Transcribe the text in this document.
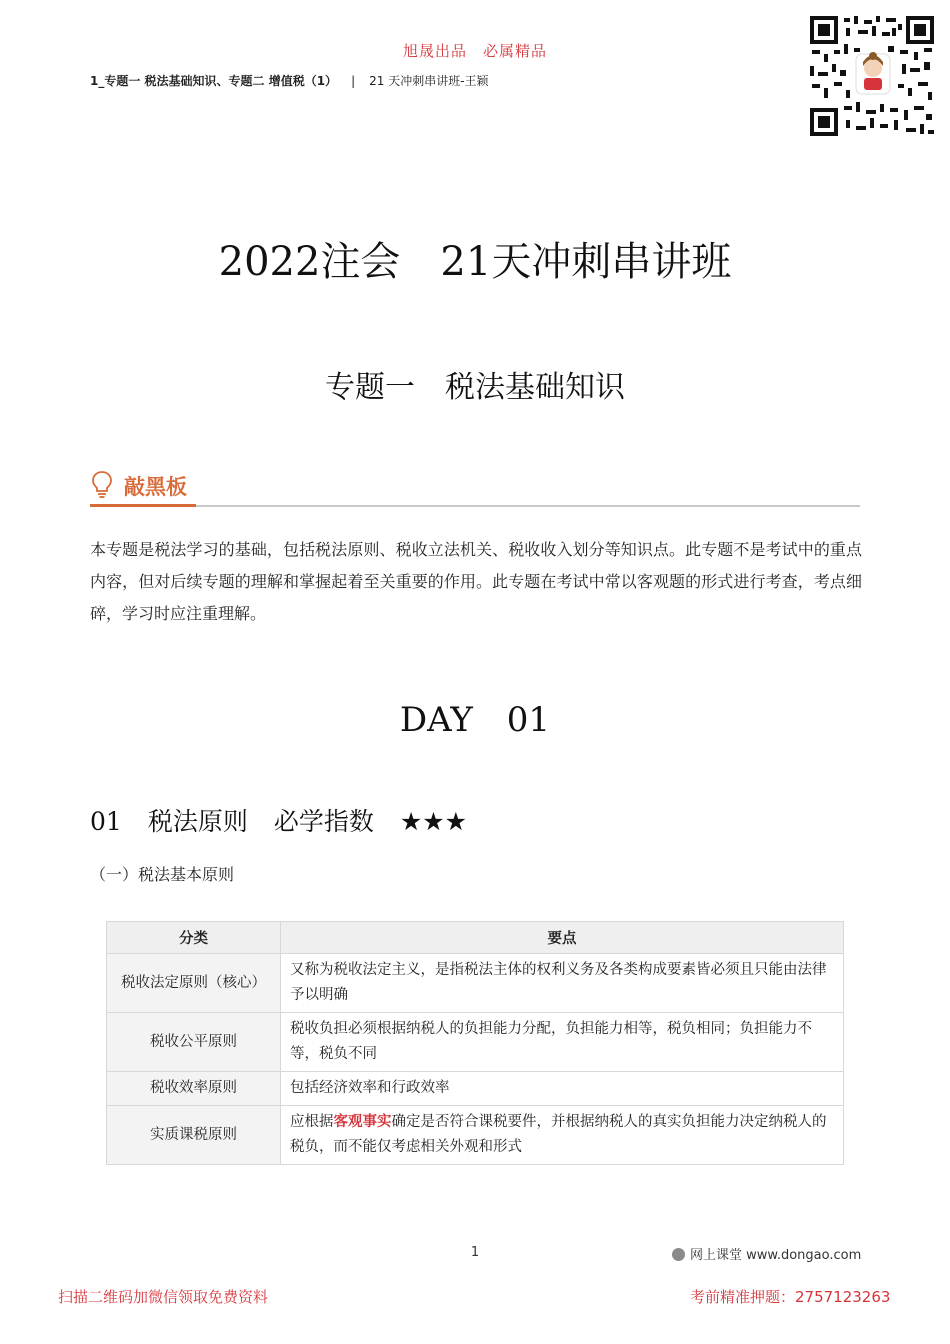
旭晟出品　必属精品
1_专题一 税法基础知识、专题二 增值税（1） | 21 天冲刺串讲班-王颖
2022注会　21天冲刺串讲班
专题一　税法基础知识
敲黑板
本专题是税法学习的基础，包括税法原则、税收立法机关、税收收入划分等知识点。此专题不是考试中的重点内容，但对后续专题的理解和掌握起着至关重要的作用。此专题在考试中常以客观题的形式进行考查，考点细碎，学习时应注重理解。
DAY　01
01 税法原则 必学指数 ★★★
（一）税法基本原则
分类	要点
税收法定原则（核心）	又称为税收法定主义，是指税法主体的权利义务及各类构成要素皆必须且只能由法律予以明确
税收公平原则	税收负担必须根据纳税人的负担能力分配，负担能力相等，税负相同；负担能力不等，税负不同
税收效率原则	包括经济效率和行政效率
实质课税原则	应根据客观事实确定是否符合课税要件，并根据纳税人的真实负担能力决定纳税人的税负，而不能仅考虑相关外观和形式
1	网上课堂 www.dongao.com
扫描二维码加微信领取免费资料	考前精准押题：2757123263
